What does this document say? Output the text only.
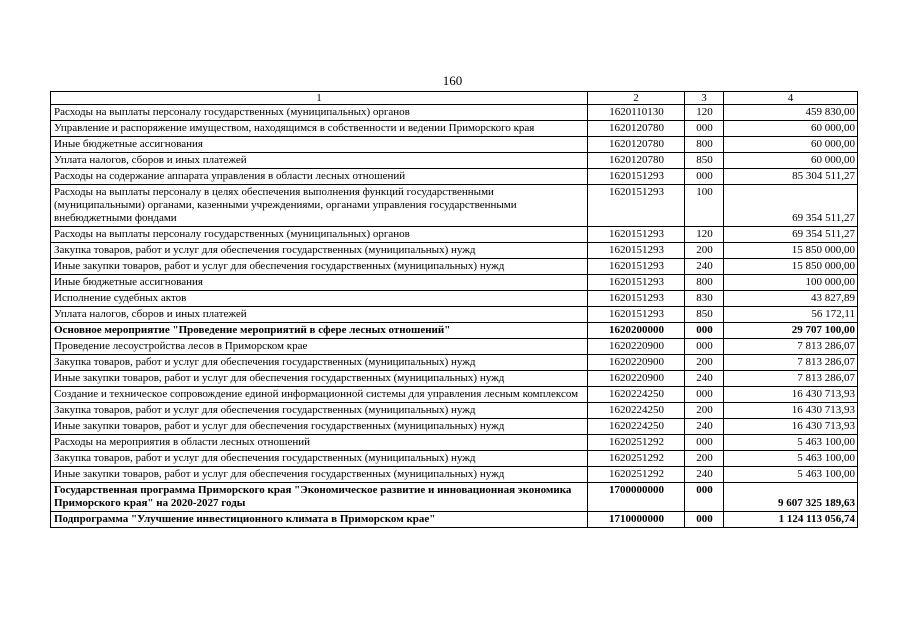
160
1	2	3	4
Расходы на выплаты персоналу государственных (муниципальных) органов	1620110130	120	459 830,00
Управление и распоряжение имуществом, находящимся в собственности и ведении Приморского края	1620120780	000	60 000,00
Иные бюджетные ассигнования	1620120780	800	60 000,00
Уплата налогов, сборов и иных платежей	1620120780	850	60 000,00
Расходы на содержание аппарата управления в области лесных отношений	1620151293	000	85 304 511,27
Расходы на выплаты персоналу в целях обеспечения выполнения функций государственными (муниципальными) органами, казенными учреждениями, органами управления государственными внебюджетными фондами	1620151293	100	69 354 511,27
Расходы на выплаты персоналу государственных (муниципальных) органов	1620151293	120	69 354 511,27
Закупка товаров, работ и услуг для обеспечения государственных (муниципальных) нужд	1620151293	200	15 850 000,00
Иные закупки товаров, работ и услуг для обеспечения государственных (муниципальных) нужд	1620151293	240	15 850 000,00
Иные бюджетные ассигнования	1620151293	800	100 000,00
Исполнение судебных актов	1620151293	830	43 827,89
Уплата налогов, сборов и иных платежей	1620151293	850	56 172,11
Основное мероприятие "Проведение мероприятий в сфере лесных отношений"	1620200000	000	29 707 100,00
Проведение лесоустройства лесов в Приморском крае	1620220900	000	7 813 286,07
Закупка товаров, работ и услуг для обеспечения государственных (муниципальных) нужд	1620220900	200	7 813 286,07
Иные закупки товаров, работ и услуг для обеспечения государственных (муниципальных) нужд	1620220900	240	7 813 286,07
Создание и техническое сопровождение единой информационной системы для управления лесным комплексом	1620224250	000	16 430 713,93
Закупка товаров, работ и услуг для обеспечения государственных (муниципальных) нужд	1620224250	200	16 430 713,93
Иные закупки товаров, работ и услуг для обеспечения государственных (муниципальных) нужд	1620224250	240	16 430 713,93
Расходы на мероприятия в области лесных отношений	1620251292	000	5 463 100,00
Закупка товаров, работ и услуг для обеспечения государственных (муниципальных) нужд	1620251292	200	5 463 100,00
Иные закупки товаров, работ и услуг для обеспечения государственных (муниципальных) нужд	1620251292	240	5 463 100,00
Государственная программа Приморского края "Экономическое развитие и инновационная экономика Приморского края" на 2020-2027 годы	1700000000	000	9 607 325 189,63
Подпрограмма "Улучшение инвестиционного климата в Приморском крае"	1710000000	000	1 124 113 056,74
